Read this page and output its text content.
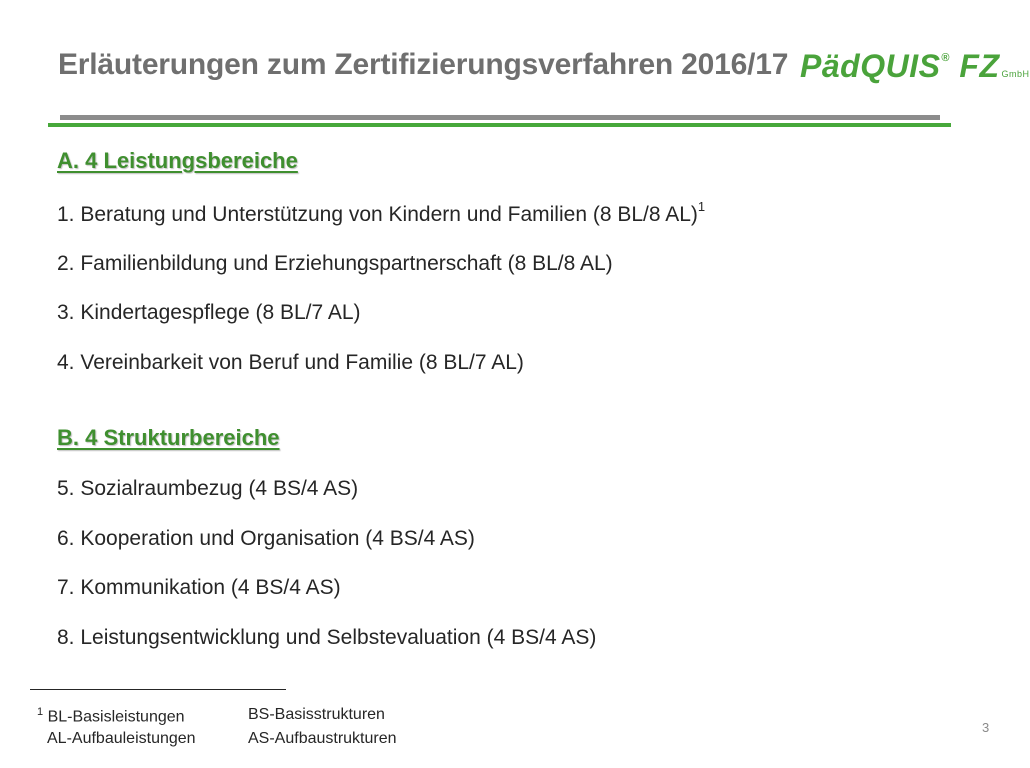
Erläuterungen zum Zertifizierungsverfahren 2016/17 PädQUIS® FZ GmbH
A. 4 Leistungsbereiche
1. Beratung und Unterstützung von Kindern und Familien (8 BL/8 AL)$^1$
2. Familienbildung und Erziehungspartnerschaft (8 BL/8 AL)
3. Kindertagespflege (8 BL/7 AL)
4. Vereinbarkeit von Beruf und Familie (8 BL/7 AL)
B. 4 Strukturbereiche
5. Sozialraumbezug (4 BS/4 AS)
6. Kooperation und Organisation (4 BS/4 AS)
7. Kommunikation (4 BS/4 AS)
8. Leistungsentwicklung und Selbstevaluation (4 BS/4 AS)
$^1$ BL-Basisleistungen	BS-Basisstrukturen
AL-Aufbauleistungen	AS-Aufbaustrukturen
3
